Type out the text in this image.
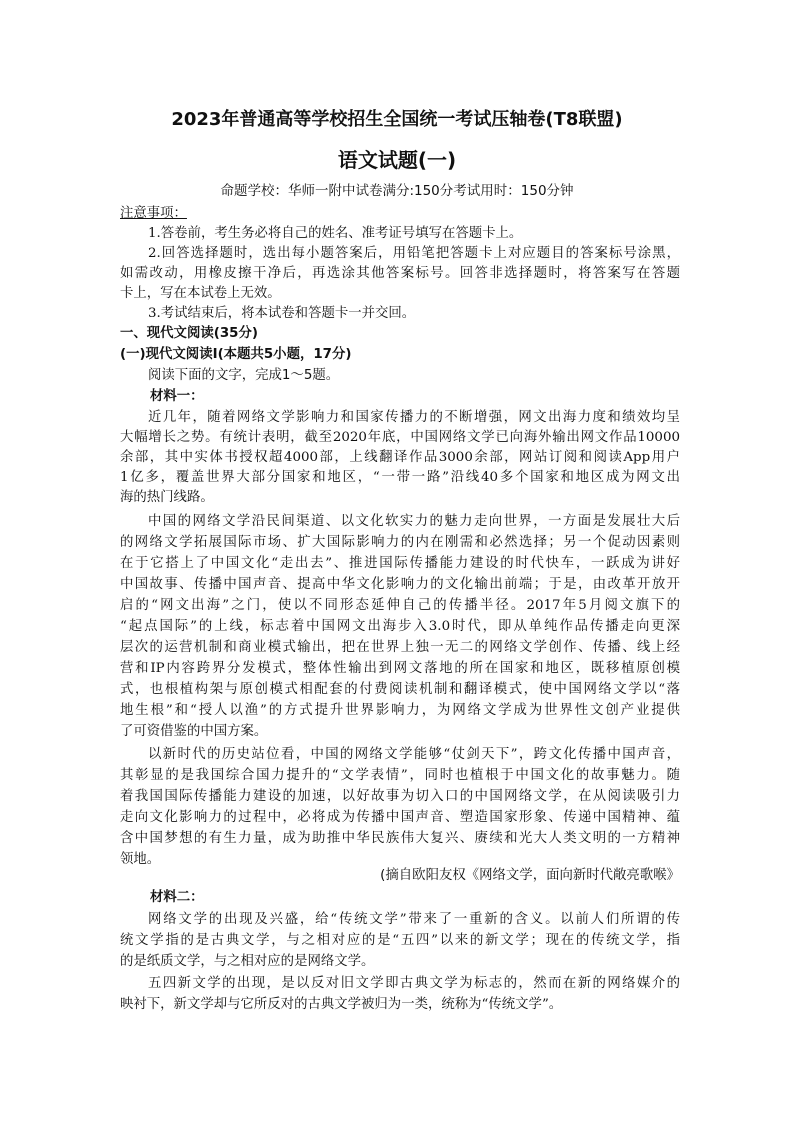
2023年普通高等学校招生全国统一考试压轴卷(T8联盟)
语文试题(一)
命题学校：华师一附中试卷满分:150分考试用时：150分钟
注意事项：
1.答卷前，考生务必将自己的姓名、准考证号填写在答题卡上。
2.回答选择题时，选出每小题答案后，用铅笔把答题卡上对应题目的答案标号涂黑，
如需改动，用橡皮擦干净后，再选涂其他答案标号。回答非选择题时，将答案写在答题
卡上，写在本试卷上无效。
3.考试结束后，将本试卷和答题卡一并交回。
一、现代文阅读(35分)
(一)现代文阅读Ⅰ(本题共5小题，17分)
阅读下面的文字，完成1～5题。
材料一：
近几年，随着网络文学影响力和国家传播力的不断增强，网文出海力度和绩效均呈
大幅增长之势。有统计表明，截至2020年底，中国网络文学已向海外输出网文作品10000
余部，其中实体书授权超4000部，上线翻译作品3000余部，网站订阅和阅读App用户
1亿多，覆盖世界大部分国家和地区，“一带一路”沿线40多个国家和地区成为网文出
海的热门线路。
中国的网络文学沿民间渠道、以文化软实力的魅力走向世界，一方面是发展壮大后
的网络文学拓展国际市场、扩大国际影响力的内在刚需和必然选择；另一个促动因素则
在于它搭上了中国文化“走出去”、推进国际传播能力建设的时代快车，一跃成为讲好
中国故事、传播中国声音、提高中华文化影响力的文化输出前端；于是，由改革开放开
启的“网文出海”之门，使以不同形态延伸自己的传播半径。2017年5月阅文旗下的
“起点国际”的上线，标志着中国网文出海步入3.0时代，即从单纯作品传播走向更深
层次的运营机制和商业模式输出，把在世界上独一无二的网络文学创作、传播、线上经
营和IP内容跨界分发模式，整体性输出到网文落地的所在国家和地区，既移植原创模
式，也根植构架与原创模式相配套的付费阅读机制和翻译模式，使中国网络文学以“落
地生根”和“授人以渔”的方式提升世界影响力，为网络文学成为世界性文创产业提供
了可资借鉴的中国方案。
以新时代的历史站位看，中国的网络文学能够“仗剑天下”，跨文化传播中国声音，
其彰显的是我国综合国力提升的“文学表情”，同时也植根于中国文化的故事魅力。随
着我国国际传播能力建设的加速，以好故事为切入口的中国网络文学，在从阅读吸引力
走向文化影响力的过程中，必将成为传播中国声音、塑造国家形象、传递中国精神、蕴
含中国梦想的有生力量，成为助推中华民族伟大复兴、赓续和光大人类文明的一方精神
领地。
(摘自欧阳友权《网络文学，面向新时代敞亮歌喉》
材料二：
网络文学的出现及兴盛，给“传统文学”带来了一重新的含义。以前人们所谓的传
统文学指的是古典文学，与之相对应的是“五四”以来的新文学；现在的传统文学，指
的是纸质文学，与之相对应的是网络文学。
五四新文学的出现，是以反对旧文学即古典文学为标志的，然而在新的网络媒介的
映衬下，新文学却与它所反对的古典文学被归为一类，统称为“传统文学”。
